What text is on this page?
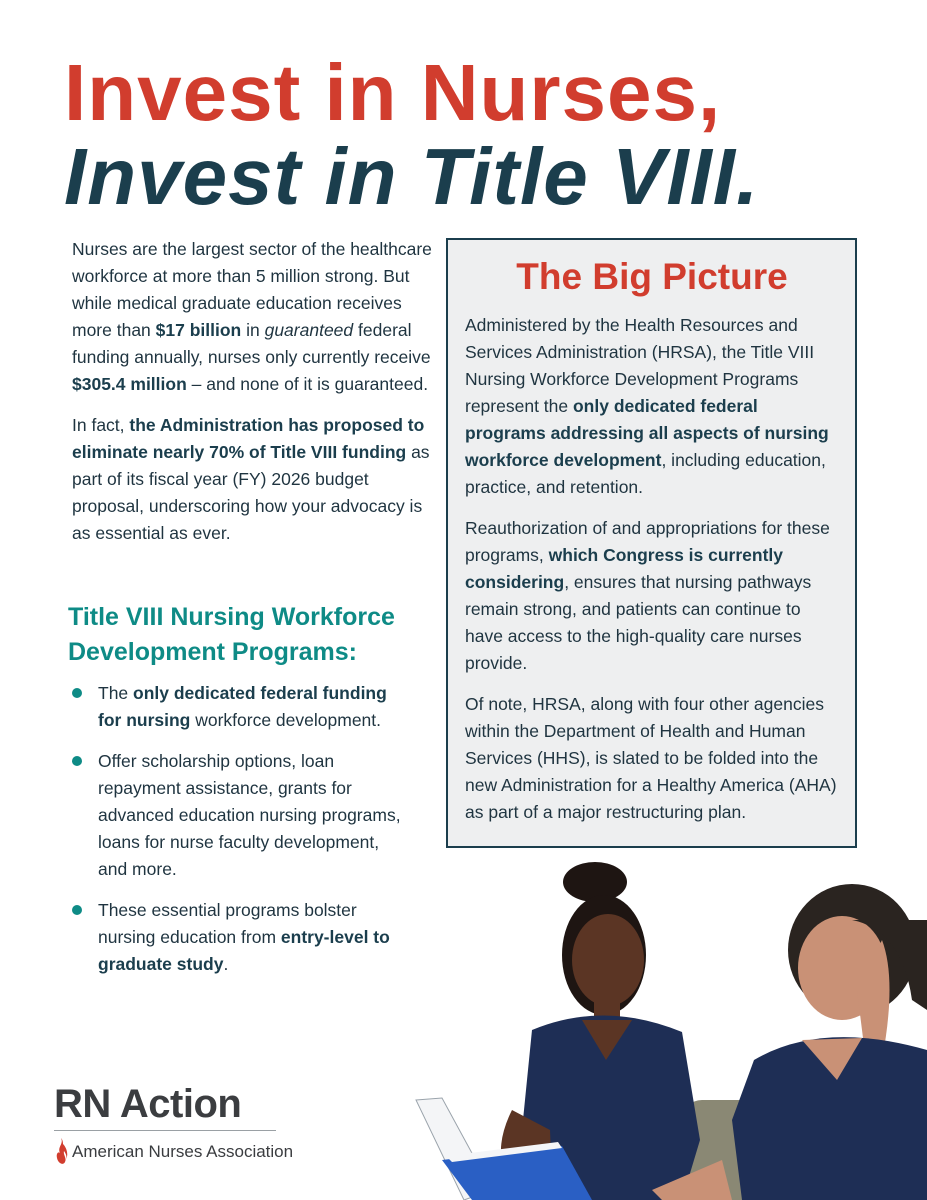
Invest in Nurses,
Invest in Title VIII.

Nurses are the largest sector of the healthcare workforce at more than 5 million strong. But while medical graduate education receives more than $17 billion in guaranteed federal funding annually, nurses only currently receive $305.4 million – and none of it is guaranteed.

In fact, the Administration has proposed to eliminate nearly 70% of Title VIII funding as part of its fiscal year (FY) 2026 budget proposal, underscoring how your advocacy is as essential as ever.

Title VIII Nursing Workforce Development Programs:
The only dedicated federal funding for nursing workforce development.
Offer scholarship options, loan repayment assistance, grants for advanced education nursing programs, loans for nurse faculty development, and more.
These essential programs bolster nursing education from entry-level to graduate study.
The Big Picture

Administered by the Health Resources and Services Administration (HRSA), the Title VIII Nursing Workforce Development Programs represent the only dedicated federal programs addressing all aspects of nursing workforce development, including education, practice, and retention.

Reauthorization of and appropriations for these programs, which Congress is currently considering, ensures that nursing pathways remain strong, and patients can continue to have access to the high-quality care nurses provide.

Of note, HRSA, along with four other agencies within the Department of Health and Human Services (HHS), is slated to be folded into the new Administration for a Healthy America (AHA) as part of a major restructuring plan.

RN Action
American Nurses Association
